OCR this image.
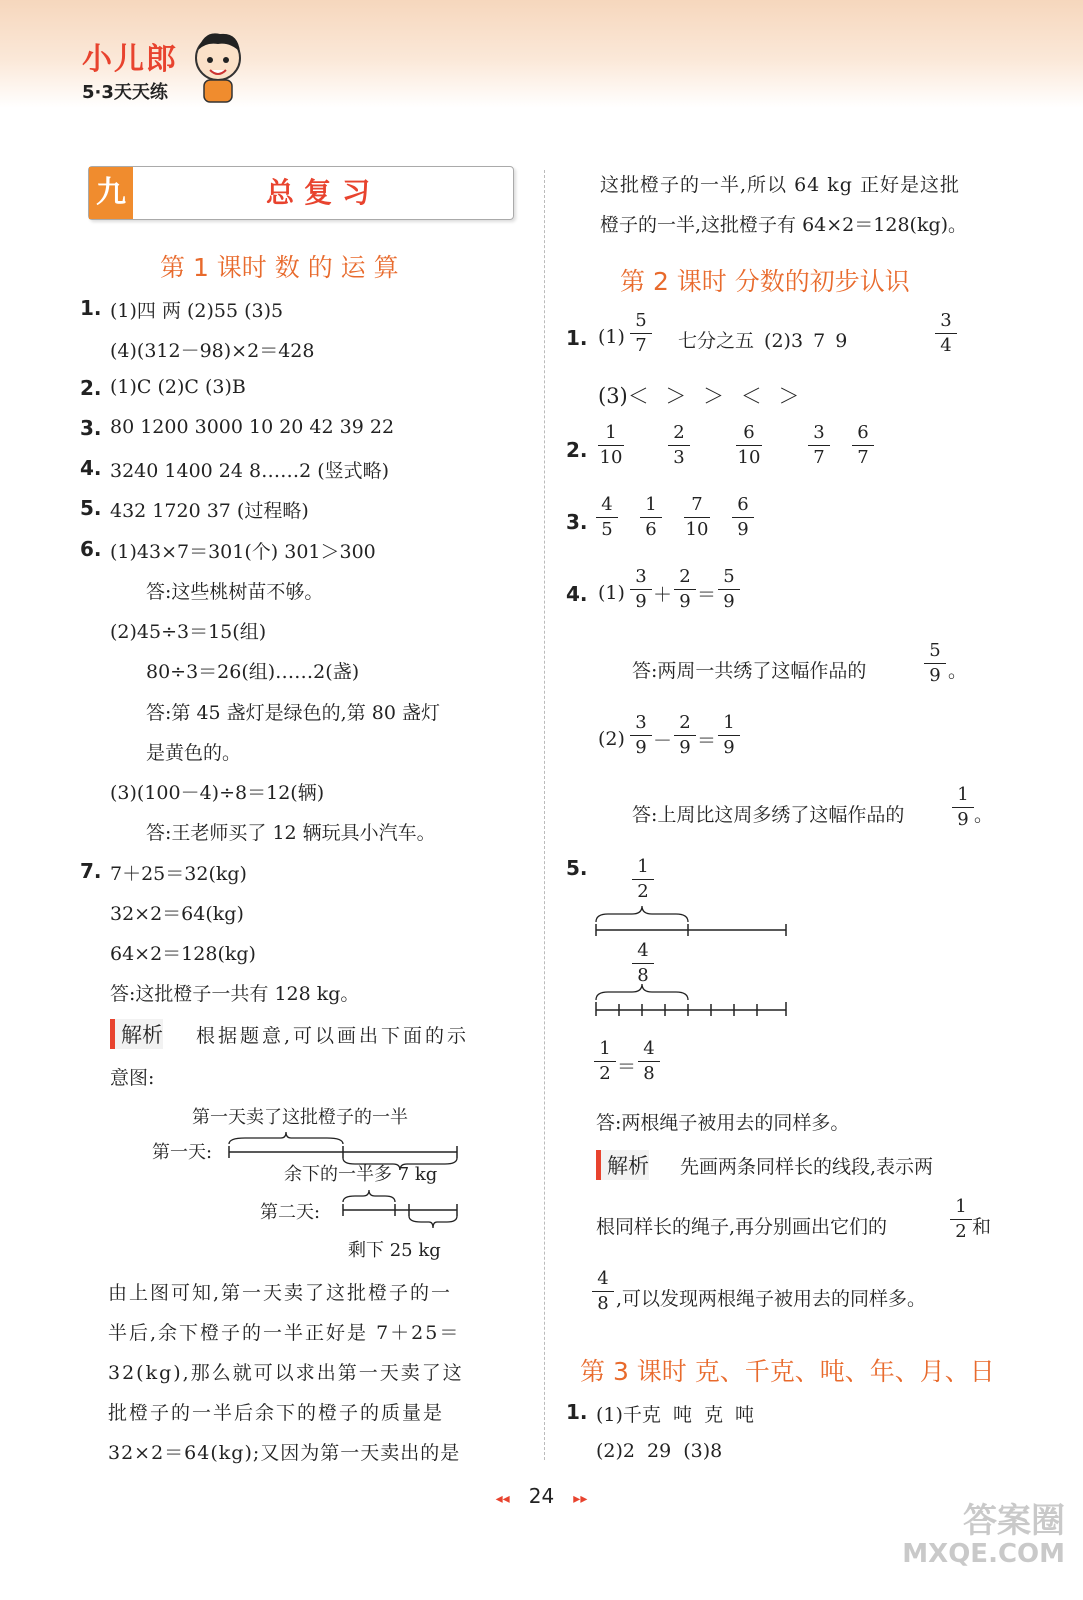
小儿郎
5·3天天练
九	总复习
第 1 课时 数 的 运 算
1. (1)四 两 (2)55 (3)5
(4)(312－98)×2＝428
2. (1)C (2)C (3)B
3. 80 1200 3000 10 20 42 39 22
4. 3240 1400 24 8……2 (竖式略)
5. 432 1720 37 (过程略)
6. (1)43×7＝301(个) 301＞300
答:这些桃树苗不够。
(2)45÷3＝15(组)
80÷3＝26(组)……2(盏)
答:第 45 盏灯是绿色的,第 80 盏灯
是黄色的。
(3)(100－4)÷8＝12(辆)
答:王老师买了 12 辆玩具小汽车。
7. 7＋25＝32(kg)
32×2＝64(kg)
64×2＝128(kg)
答:这批橙子一共有 128 kg。
解析 根据题意,可以画出下面的示
意图:
第一天卖了这批橙子的一半
第一天:
余下的一半多 7 kg
第二天:
剩下 25 kg
由上图可知,第一天卖了这批橙子的一
半后,余下橙子的一半正好是 7＋25＝
32(kg),那么就可以求出第一天卖了这
批橙子的一半后余下的橙子的质量是
32×2＝64(kg);又因为第一天卖出的是
这批橙子的一半,所以 64 kg 正好是这批
橙子的一半,这批橙子有 64×2＝128(kg)。
第 2 课时 分数的初步认识
1. (1)
5
7 七分之五 (2)3 7 9
3
4
(3)＜ ＞ ＞ ＜ ＞
2.
1
10
2
3
6
10
3
7
6
7
3.
4
5
1
6
7
10
6
9
4. (1)
3
9 ＋
2
9 ＝
5
9
答:两周一共绣了这幅作品的
5
9 。
(2)
3
9 －
2
9 ＝
1
9
答:上周比这周多绣了这幅作品的
1
9 。
5.	1
2
4
8
1
2 ＝
4
8
答:两根绳子被用去的同样多。
解析 先画两条同样长的线段,表示两
根同样长的绳子,再分别画出它们的
1
2 和
4
8 ,可以发现两根绳子被用去的同样多。
第 3 课时 克、千克、吨、年、月、日
1. (1)千克 吨 克 吨
(2)2 29 (3)8
◂◂ 24 ▸▸
答案圈
MXQE.COM
